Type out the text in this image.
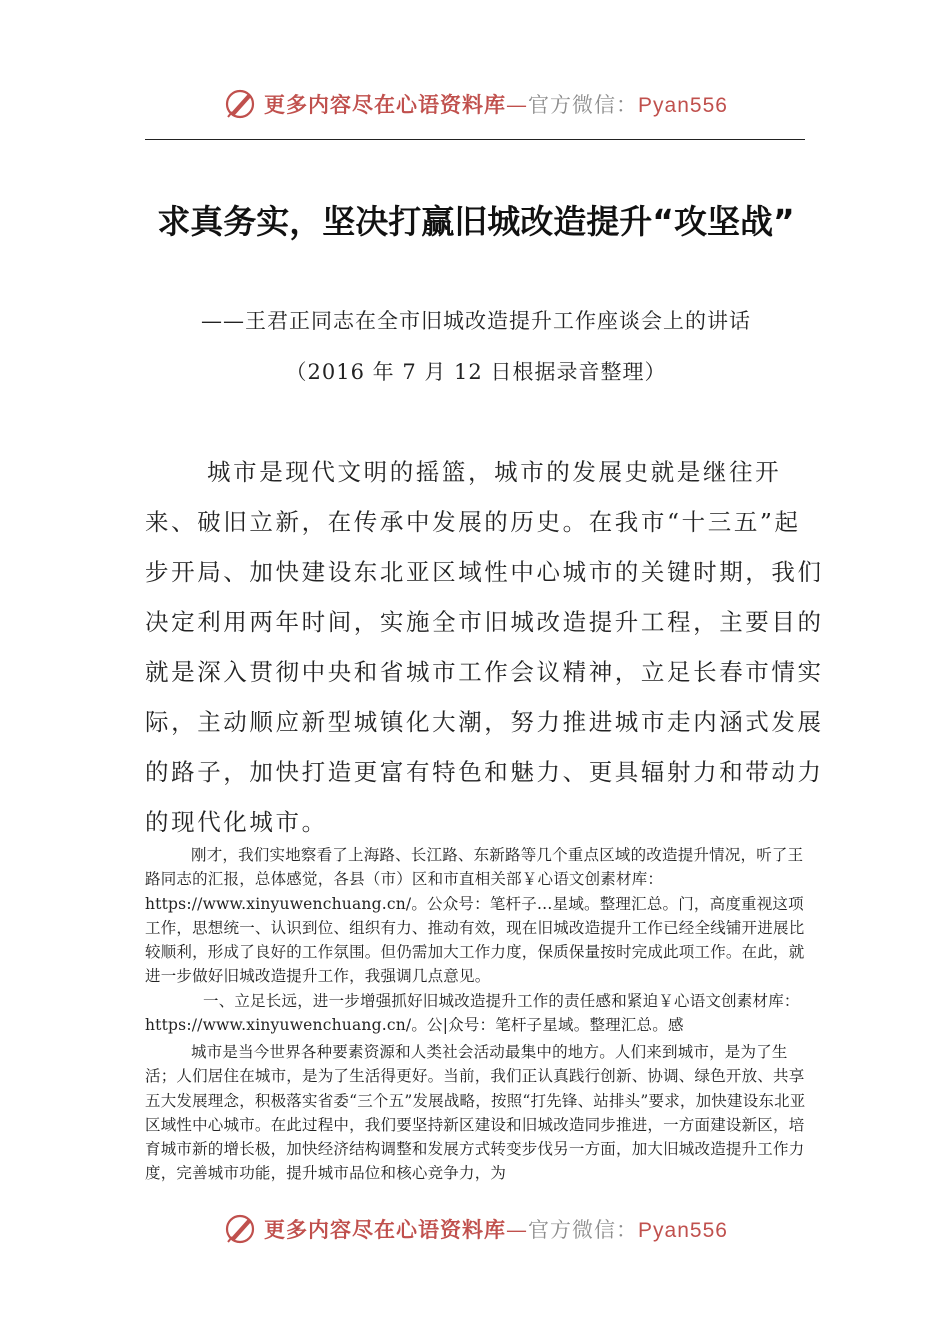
更多内容尽在心语资料库—官方微信：Pyan556
求真务实，坚决打赢旧城改造提升“攻坚战”
——王君正同志在全市旧城改造提升工作座谈会上的讲话
（2016 年 7 月 12 日根据录音整理）
城市是现代文明的摇篮，城市的发展史就是继往开来、破旧立新，在传承中发展的历史。在我市“十三五”起步开局、加快建设东北亚区域性中心城市的关键时期，我们决定利用两年时间，实施全市旧城改造提升工程，主要目的就是深入贯彻中央和省城市工作会议精神，立足长春市情实际，主动顺应新型城镇化大潮，努力推进城市走内涵式发展的路子，加快打造更富有特色和魅力、更具辐射力和带动力的现代化城市。
刚才，我们实地察看了上海路、长江路、东新路等几个重点区域的改造提升情况，听了王路同志的汇报，总体感觉，各县（市）区和市直相关部￥心语文创素材库：https://www.xinyuwenchuang.cn/。公众号：笔杆子…星域。整理汇总。门，高度重视这项工作，思想统一、认识到位、组织有力、推动有效，现在旧城改造提升工作已经全线铺开进展比较顺利，形成了良好的工作氛围。但仍需加大工作力度，保质保量按时完成此项工作。在此，就进一步做好旧城改造提升工作，我强调几点意见。
一、立足长远，进一步增强抓好旧城改造提升工作的责任感和紧迫￥心语文创素材库：https://www.xinyuwenchuang.cn/。公|众号：笔杆子星域。整理汇总。感
城市是当今世界各种要素资源和人类社会活动最集中的地方。人们来到城市，是为了生活；人们居住在城市，是为了生活得更好。当前，我们正认真践行创新、协调、绿色开放、共享五大发展理念，积极落实省委“三个五”发展战略，按照“打先锋、站排头”要求，加快建设东北亚区域性中心城市。在此过程中，我们要坚持新区建设和旧城改造同步推进，一方面建设新区，培育城市新的增长极，加快经济结构调整和发展方式转变步伐另一方面，加大旧城改造提升工作力度，完善城市功能，提升城市品位和核心竞争力，为
更多内容尽在心语资料库—官方微信：Pyan556
